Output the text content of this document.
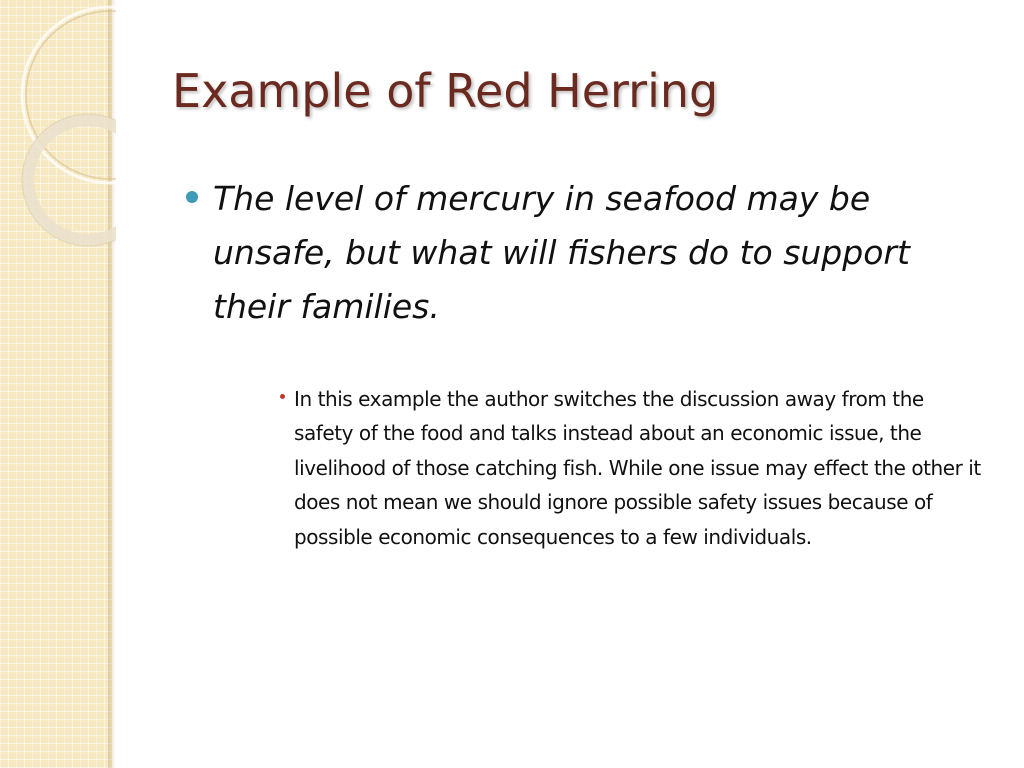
Example of Red Herring

The level of mercury in seafood may be unsafe, but what will fishers do to support their families.

In this example the author switches the discussion away from the safety of the food and talks instead about an economic issue, the livelihood of those catching fish. While one issue may effect the other it does not mean we should ignore possible safety issues because of possible economic consequences to a few individuals.
